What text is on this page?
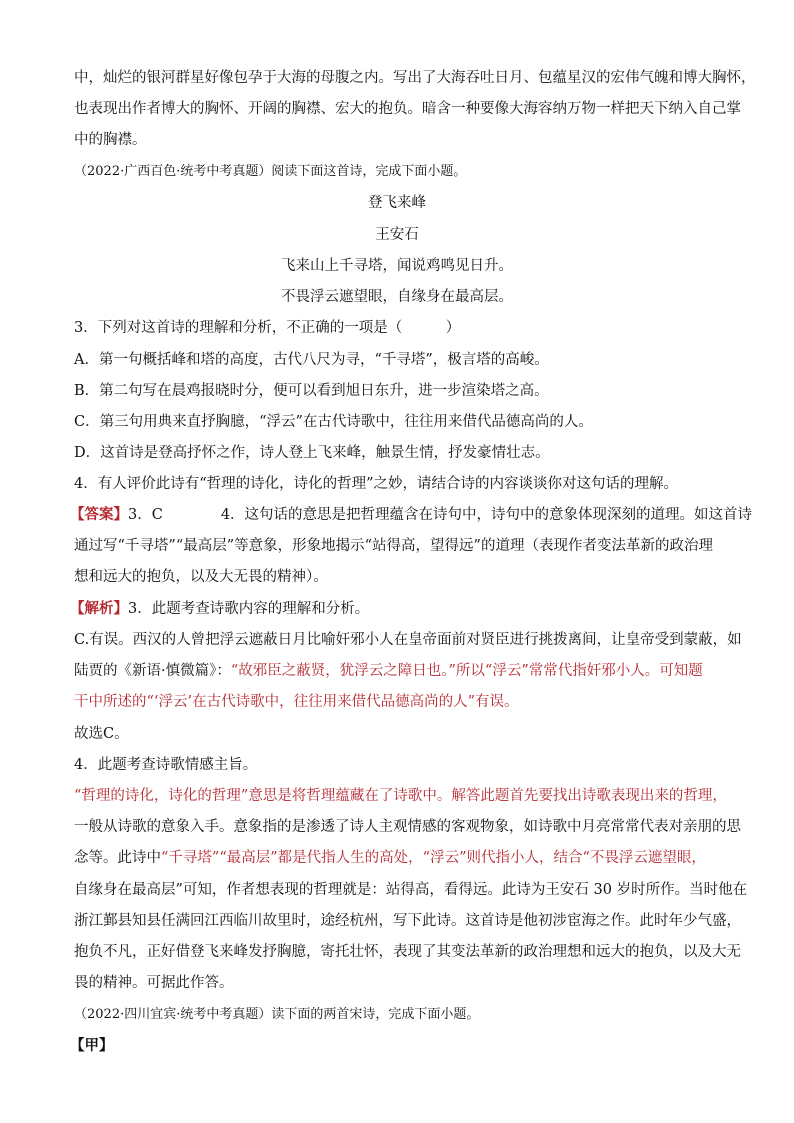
中，灿烂的银河群星好像包孕于大海的母腹之内。写出了大海吞吐日月、包蕴星汉的宏伟气魄和博大胸怀，
也表现出作者博大的胸怀、开阔的胸襟、宏大的抱负。暗含一种要像大海容纳万物一样把天下纳入自己掌
中的胸襟。
（2022·广西百色·统考中考真题）阅读下面这首诗，完成下面小题。
登飞来峰
王安石
飞来山上千寻塔，闻说鸡鸣见日升。
不畏浮云遮望眼，自缘身在最高层。
3．下列对这首诗的理解和分析，不正确的一项是（　　　）
A．第一句概括峰和塔的高度，古代八尺为寻，“千寻塔”，极言塔的高峻。
B．第二句写在晨鸡报晓时分，便可以看到旭日东升，进一步渲染塔之高。
C．第三句用典来直抒胸臆，“浮云”在古代诗歌中，往往用来借代品德高尚的人。
D．这首诗是登高抒怀之作，诗人登上飞来峰，触景生情，抒发豪情壮志。
4．有人评价此诗有“哲理的诗化，诗化的哲理”之妙，请结合诗的内容谈谈你对这句话的理解。
【答案】3．C	4．这句话的意思是把哲理蕴含在诗句中，诗句中的意象体现深刻的道理。如这首诗
通过写“千寻塔”“最高层”等意象，形象地揭示“站得高，望得远”的道理（表现作者变法革新的政治理
想和远大的抱负，以及大无畏的精神）。
【解析】3．此题考查诗歌内容的理解和分析。
C.有误。西汉的人曾把浮云遮蔽日月比喻奸邪小人在皇帝面前对贤臣进行挑拨离间，让皇帝受到蒙蔽，如
陆贾的《新语·慎微篇》：“故邪臣之蔽贤，犹浮云之障日也。”所以“浮云”常常代指奸邪小人。可知题
干中所述的“‘浮云’在古代诗歌中，往往用来借代品德高尚的人”有误。
故选C。
4．此题考查诗歌情感主旨。
“哲理的诗化，诗化的哲理”意思是将哲理蕴藏在了诗歌中。解答此题首先要找出诗歌表现出来的哲理，
一般从诗歌的意象入手。意象指的是渗透了诗人主观情感的客观物象，如诗歌中月亮常常代表对亲朋的思
念等。此诗中“千寻塔”“最高层”都是代指人生的高处，“浮云”则代指小人，结合“不畏浮云遮望眼，
自缘身在最高层”可知，作者想表现的哲理就是：站得高，看得远。此诗为王安石 30 岁时所作。当时他在
浙江鄞县知县任满回江西临川故里时，途经杭州，写下此诗。这首诗是他初涉宦海之作。此时年少气盛，
抱负不凡，正好借登飞来峰发抒胸臆，寄托壮怀，表现了其变法革新的政治理想和远大的抱负，以及大无
畏的精神。可据此作答。
（2022·四川宜宾·统考中考真题）读下面的两首宋诗，完成下面小题。
【甲】
